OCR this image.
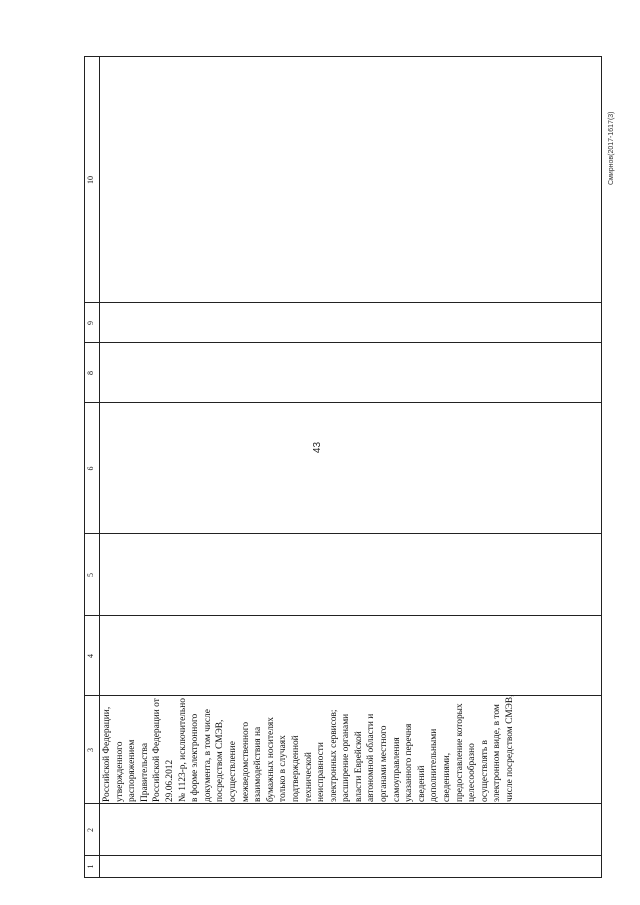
43
1
2
3
4
5
6
8
9
10
Российской Федерации, утвержденного распоряжением Правительства Российской Федерации от 29.06.2012 № 1123-р, исключительно в форме электронного документа, в том числе посредством СМЭВ, осуществление межведомственного взаимодействия на бумажных носителях только в случаях подтвержденной технической неисправности электронных сервисов; расширение органами власти Еврейской автономной области и органами местного самоуправления указанного перечня сведений дополнительными сведениями, предоставление которых целесообразно осуществлять в электронном виде, в том числе посредством СМЭВ,
Смирнов(2017-1617(3)
